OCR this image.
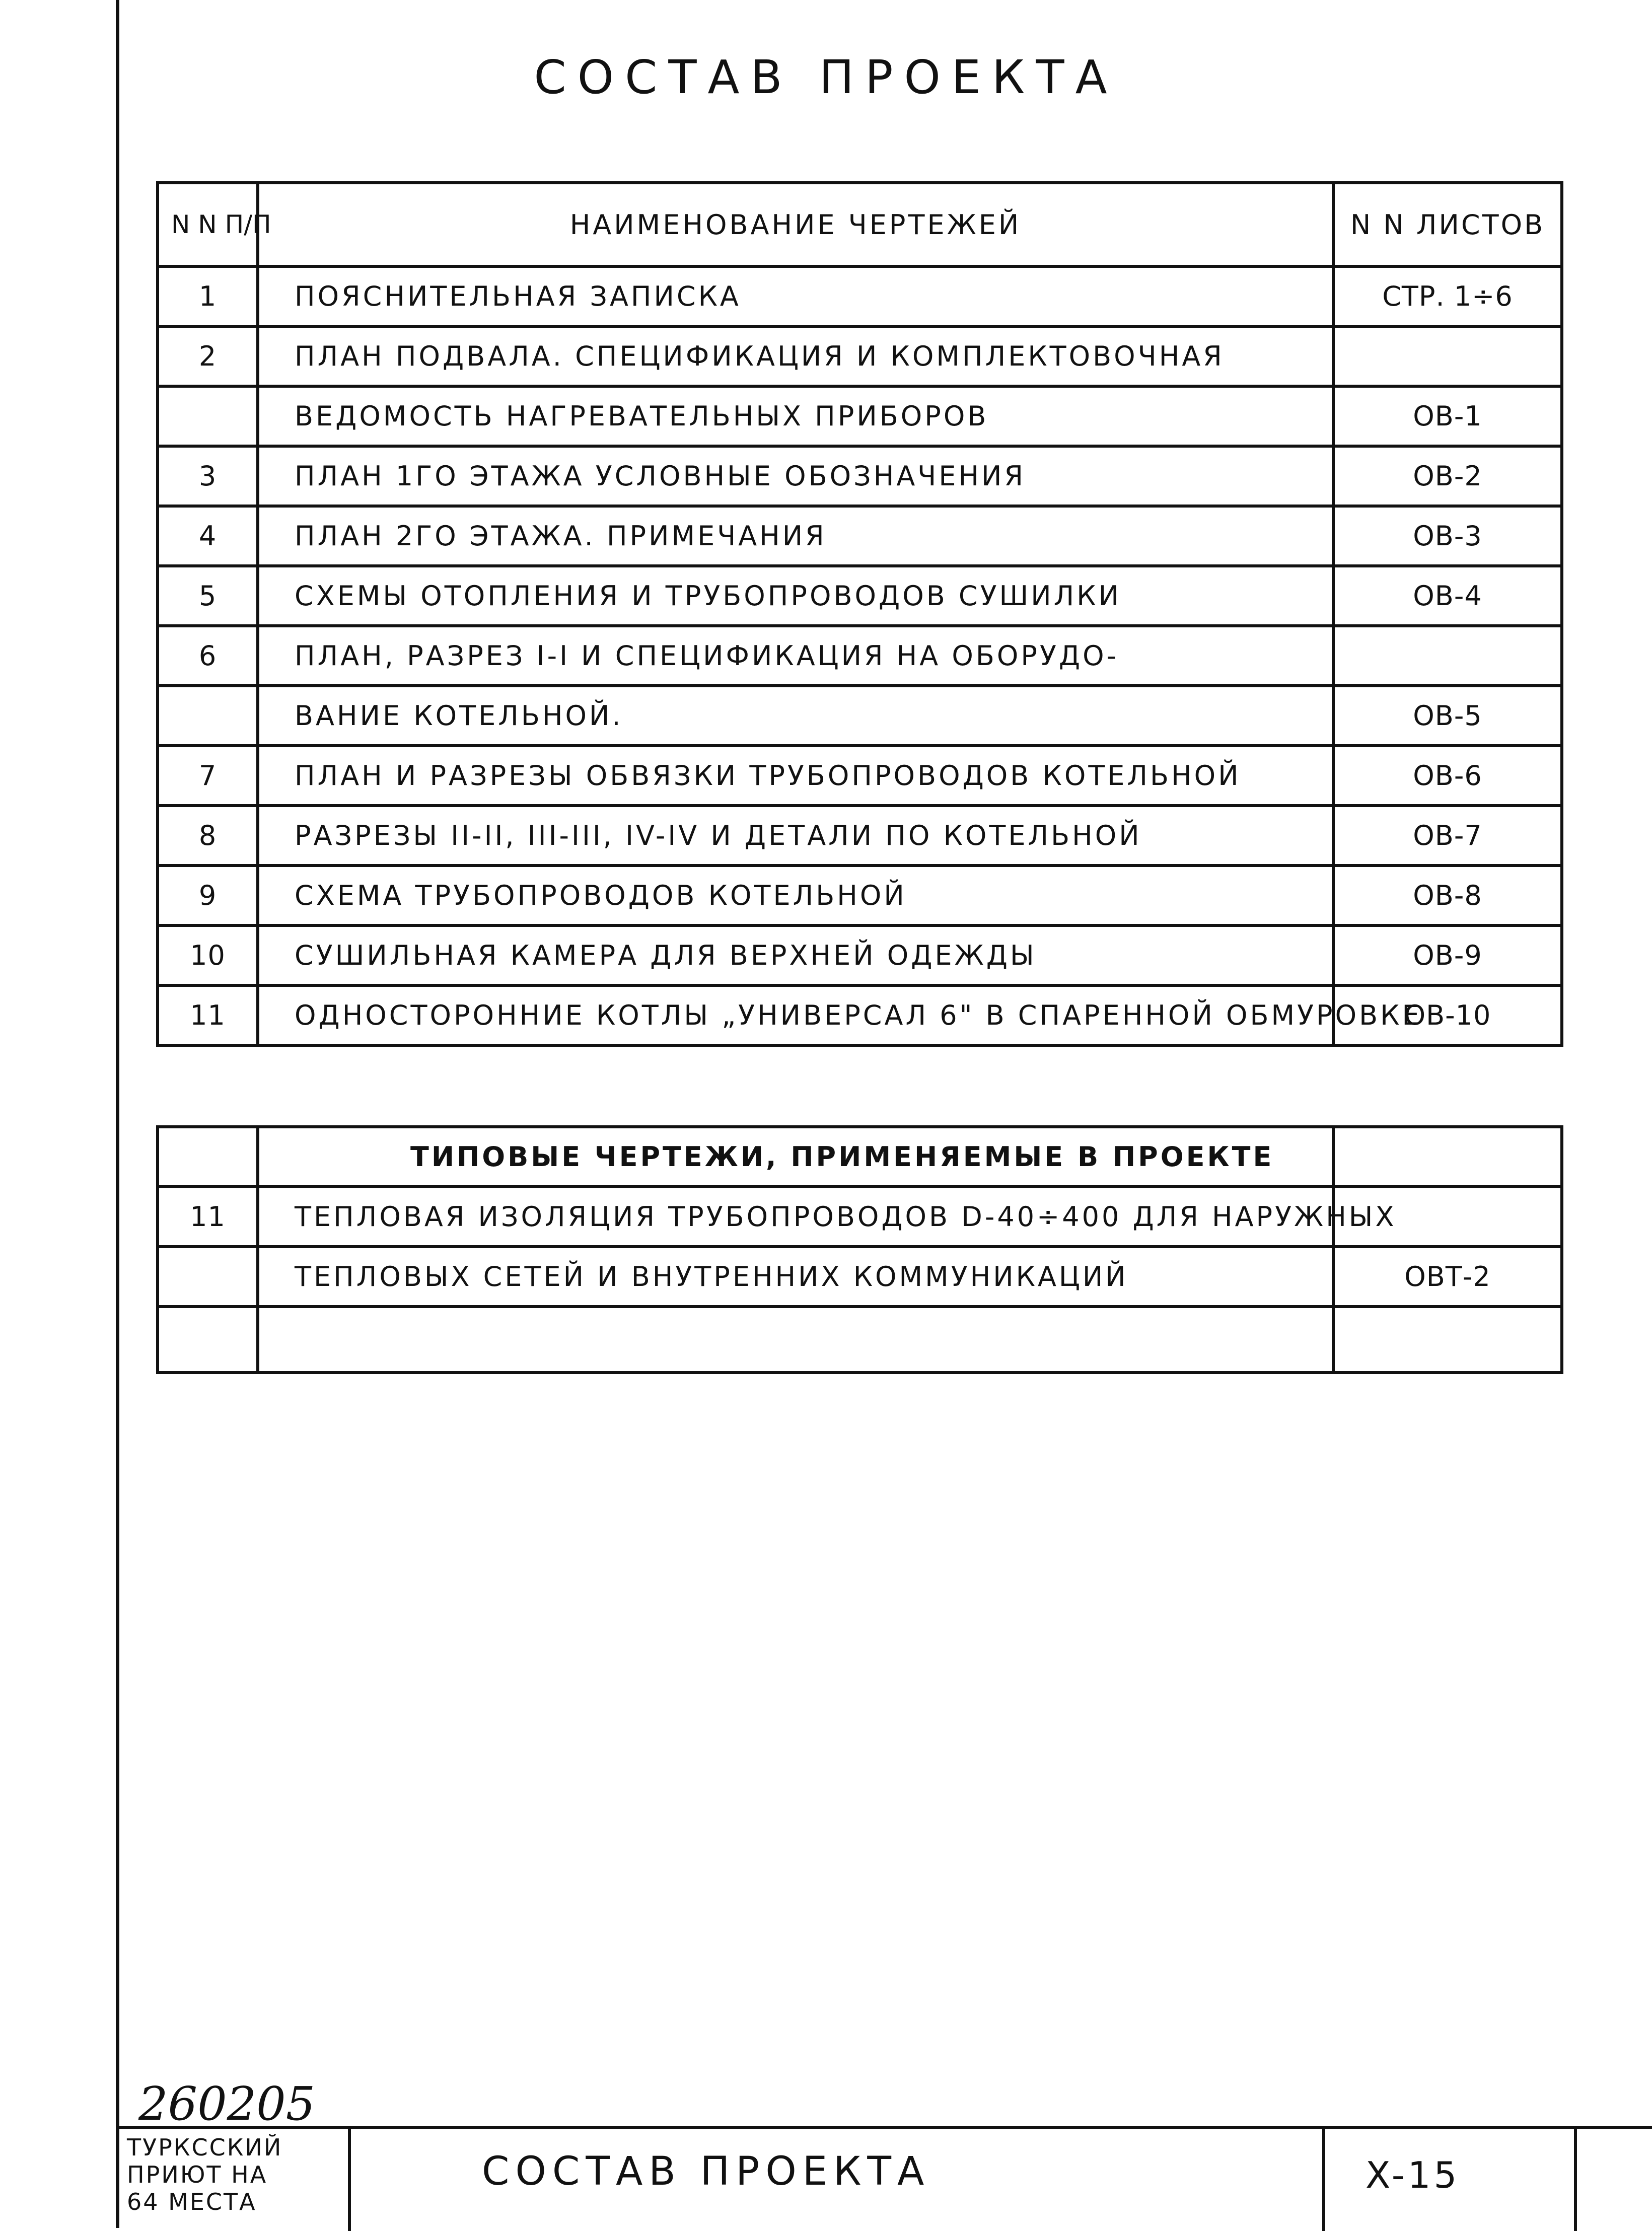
СОСТАВ ПРОЕКТА
N N П/П	НАИМЕНОВАНИЕ ЧЕРТЕЖЕЙ	N N ЛИСТОВ
1	ПОЯСНИТЕЛЬНАЯ ЗАПИСКА	СТР. 1÷6
2	ПЛАН ПОДВАЛА. СПЕЦИФИКАЦИЯ И КОМПЛЕКТОВОЧНАЯ	
	ВЕДОМОСТЬ НАГРЕВАТЕЛЬНЫХ ПРИБОРОВ	ОВ-1
3	ПЛАН 1ГО ЭТАЖА УСЛОВНЫЕ ОБОЗНАЧЕНИЯ	ОВ-2
4	ПЛАН 2ГО ЭТАЖА. ПРИМЕЧАНИЯ	ОВ-3
5	СХЕМЫ ОТОПЛЕНИЯ И ТРУБОПРОВОДОВ СУШИЛКИ	ОВ-4
6	ПЛАН, РАЗРЕЗ I-I И СПЕЦИФИКАЦИЯ НА ОБОРУДО-	
	ВАНИЕ КОТЕЛЬНОЙ.	ОВ-5
7	ПЛАН И РАЗРЕЗЫ ОБВЯЗКИ ТРУБОПРОВОДОВ КОТЕЛЬНОЙ	ОВ-6
8	РАЗРЕЗЫ II-II, III-III, IV-IV И ДЕТАЛИ ПО КОТЕЛЬНОЙ	ОВ-7
9	СХЕМА ТРУБОПРОВОДОВ КОТЕЛЬНОЙ	ОВ-8
10	СУШИЛЬНАЯ КАМЕРА ДЛЯ ВЕРХНЕЙ ОДЕЖДЫ	ОВ-9
11	ОДНОСТОРОННИЕ КОТЛЫ „УНИВЕРСАЛ 6" В СПАРЕННОЙ ОБМУРОВКЕ	ОВ-10
	ТИПОВЫЕ ЧЕРТЕЖИ, ПРИМЕНЯЕМЫЕ В ПРОЕКТЕ	
11	ТЕПЛОВАЯ ИЗОЛЯЦИЯ ТРУБОПРОВОДОВ D-40÷400 ДЛЯ НАРУЖНЫХ	
	ТЕПЛОВЫХ СЕТЕЙ И ВНУТРЕННИХ КОММУНИКАЦИЙ	ОВТ-2

260205
ТУРКССКИЙ
ПРИЮТ НА
64 МЕСТА
СОСТАВ ПРОЕКТА	X-15
